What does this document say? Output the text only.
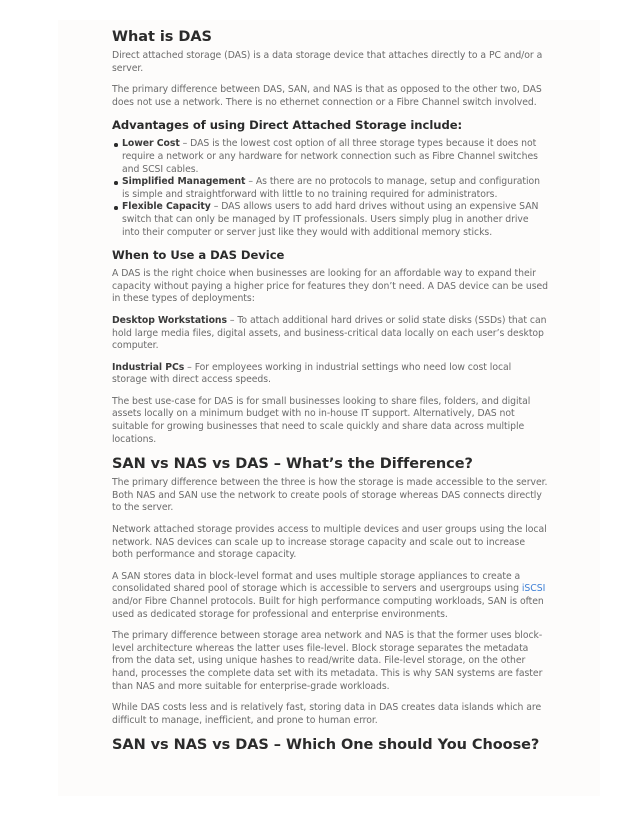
What is DAS

Direct attached storage (DAS) is a data storage device that attaches directly to a PC and/or a server.

The primary difference between DAS, SAN, and NAS is that as opposed to the other two, DAS does not use a network. There is no ethernet connection or a Fibre Channel switch involved.

Advantages of using Direct Attached Storage include:
Lower Cost – DAS is the lowest cost option of all three storage types because it does not require a network or any hardware for network connection such as Fibre Channel switches and SCSI cables.
Simplified Management – As there are no protocols to manage, setup and configuration is simple and straightforward with little to no training required for administrators.
Flexible Capacity – DAS allows users to add hard drives without using an expensive SAN switch that can only be managed by IT professionals. Users simply plug in another drive into their computer or server just like they would with additional memory sticks.
When to Use a DAS Device

A DAS is the right choice when businesses are looking for an affordable way to expand their capacity without paying a higher price for features they don’t need. A DAS device can be used in these types of deployments:

Desktop Workstations – To attach additional hard drives or solid state disks (SSDs) that can hold large media files, digital assets, and business-critical data locally on each user’s desktop computer.

Industrial PCs – For employees working in industrial settings who need low cost local storage with direct access speeds.

The best use-case for DAS is for small businesses looking to share files, folders, and digital assets locally on a minimum budget with no in-house IT support. Alternatively, DAS not suitable for growing businesses that need to scale quickly and share data across multiple locations.

SAN vs NAS vs DAS – What’s the Difference?

The primary difference between the three is how the storage is made accessible to the server. Both NAS and SAN use the network to create pools of storage whereas DAS connects directly to the server.

Network attached storage provides access to multiple devices and user groups using the local network. NAS devices can scale up to increase storage capacity and scale out to increase both performance and storage capacity.

A SAN stores data in block-level format and uses multiple storage appliances to create a consolidated shared pool of storage which is accessible to servers and usergroups using iSCSI and/or Fibre Channel protocols. Built for high performance computing workloads, SAN is often used as dedicated storage for professional and enterprise environments.

The primary difference between storage area network and NAS is that the former uses block-level architecture whereas the latter uses file-level. Block storage separates the metadata from the data set, using unique hashes to read/write data. File-level storage, on the other hand, processes the complete data set with its metadata. This is why SAN systems are faster than NAS and more suitable for enterprise-grade workloads.

While DAS costs less and is relatively fast, storing data in DAS creates data islands which are difficult to manage, inefficient, and prone to human error.

SAN vs NAS vs DAS – Which One should You Choose?
